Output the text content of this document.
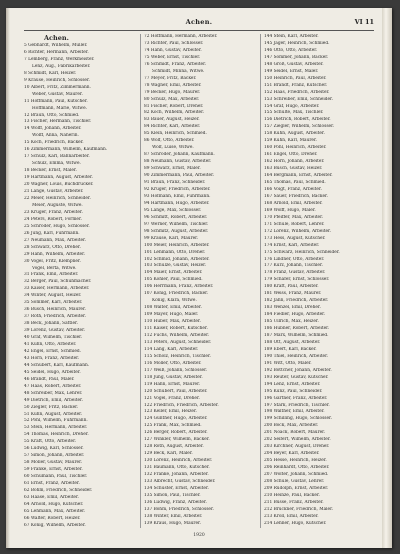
Achen.	VI 11
Achen.
5 Gebhardt, Wilhelm, Müller.
6 Richter, Hermann, Arbeiter.
7 Lemberg, Franz, Werkmeister.
Lenz, Aug., Fabrikarbeiter.
8 Schmidt, Karl, Heizer.
9 Krause, Heinrich, Schlosser.
10 Albert, Fritz, Zimmermann.
Weber, Gustav, Maurer.
11 Hoffmann, Paul, Kutscher.
Hoffmann, Marie, Witwe.
12 Braun, Otto, Schmied.
13 Fischer, Hermann, Tischler.
14 Wolff, Johann, Arbeiter.
Wolff, Anna, Näherin.
15 Koch, Friedrich, Bäcker.
16 Zimmermann, Wilhelm, Kaufmann.
17 Schulz, Karl, Bahnarbeiter.
Schulz, Emma, Witwe.
18 Becker, Ernst, Maler.
19 Hartmann, August, Arbeiter.
20 Wagner, Louis, Buchdrucker.
21 Lange, Gustav, Arbeiter.
22 Meier, Heinrich, Schneider.
Meier, Auguste, Witwe.
23 Krüger, Franz, Arbeiter.
24 Peters, Robert, Former.
25 Schröder, Hugo, Schlosser.
26 Jung, Karl, Fuhrmann.
27 Neumann, Max, Arbeiter.
28 Schwarz, Otto, Dreher.
29 Hahn, Wilhelm, Arbeiter.
30 Vogel, Fritz, Klempner.
Vogel, Berta, Witwe.
31 Frank, Emil, Arbeiter.
32 Berger, Paul, Schuhmacher.
33 Kaiser, Hermann, Arbeiter.
34 Winter, August, Heizer.
35 Sommer, Karl, Arbeiter.
36 Busch, Heinrich, Maurer.
37 Roth, Friedrich, Arbeiter.
38 Beck, Johann, Sattler.
39 Lorenz, Gustav, Arbeiter.
40 Graf, Wilhelm, Tischler.
41 Kühn, Otto, Arbeiter.
42 Engel, Ernst, Schmied.
43 Horn, Franz, Arbeiter.
44 Schubert, Karl, Kaufmann.
45 Seidel, Hugo, Arbeiter.
46 Brandt, Paul, Maler.
47 Haas, Robert, Arbeiter.
48 Schreiber, Max, Lehrer.
49 Dietrich, Emil, Arbeiter.
50 Ziegler, Fritz, Bäcker.
51 Kuhn, August, Arbeiter.
52 Pohl, Wilhelm, Fuhrmann.
53 Stein, Hermann, Arbeiter.
54 Thomas, Heinrich, Dreher.
55 Kraft, Otto, Arbeiter.
56 Ludwig, Karl, Schlosser.
57 Simon, Johann, Arbeiter.
58 Möller, Gustav, Maurer.
59 Franke, Ernst, Arbeiter.
60 Schumann, Paul, Tischler.
61 Ernst, Franz, Arbeiter.
62 Böhm, Friedrich, Schneider.
63 Haase, Emil, Arbeiter.
64 Arnold, Hugo, Kutscher.
65 Lehmann, Max, Arbeiter.
66 Walter, Robert, Heizer.
67 König, Wilhelm, Arbeiter.
72 Hoffmann, Hermann, Arbeiter.
73 Richter, Paul, Schlosser.
74 Hahn, Gustav, Arbeiter.
75 Weber, Ernst, Tischler.
76 Schmidt, Franz, Arbeiter.
Schmidt, Minna, Witwe.
77 Meyer, Fritz, Bäcker.
78 Wagner, Emil, Arbeiter.
79 Becker, Hugo, Maurer.
80 Schulz, Max, Arbeiter.
81 Fischer, Robert, Dreher.
82 Koch, Wilhelm, Arbeiter.
83 Bauer, August, Heizer.
84 Richter, Karl, Arbeiter.
85 Klein, Heinrich, Schmied.
86 Wolf, Otto, Arbeiter.
Wolf, Luise, Witwe.
87 Schröder, Johann, Kaufmann.
88 Neumann, Gustav, Arbeiter.
89 Schwarz, Ernst, Maler.
90 Zimmermann, Paul, Arbeiter.
91 Braun, Franz, Schneider.
92 Krüger, Friedrich, Arbeiter.
93 Hofmann, Emil, Fuhrmann.
94 Hartmann, Hugo, Arbeiter.
95 Lange, Max, Schlosser.
96 Schmitt, Robert, Arbeiter.
97 Werner, Wilhelm, Tischler.
98 Schmitz, August, Arbeiter.
99 Krause, Karl, Maurer.
100 Meier, Heinrich, Arbeiter.
101 Lehmann, Otto, Dreher.
102 Schmid, Johann, Arbeiter.
103 Schulze, Gustav, Heizer.
104 Maier, Ernst, Arbeiter.
105 Köhler, Paul, Schmied.
106 Herrmann, Franz, Arbeiter.
107 König, Friedrich, Bäcker.
König, Klara, Witwe.
108 Walter, Emil, Arbeiter.
109 Mayer, Hugo, Maler.
110 Huber, Max, Arbeiter.
111 Kaiser, Robert, Kutscher.
112 Fuchs, Wilhelm, Arbeiter.
113 Peters, August, Schneider.
114 Lang, Karl, Arbeiter.
115 Scholz, Heinrich, Tischler.
116 Möller, Otto, Arbeiter.
117 Weiß, Johann, Schlosser.
118 Jung, Gustav, Arbeiter.
119 Hahn, Ernst, Maurer.
120 Schubert, Paul, Arbeiter.
121 Vogel, Franz, Dreher.
122 Friedrich, Friedrich, Arbeiter.
123 Keller, Emil, Heizer.
124 Günther, Hugo, Arbeiter.
125 Frank, Max, Schmied.
126 Berger, Robert, Arbeiter.
127 Winkler, Wilhelm, Bäcker.
128 Roth, August, Arbeiter.
129 Beck, Karl, Maler.
130 Lorenz, Heinrich, Arbeiter.
131 Baumann, Otto, Kutscher.
132 Franke, Johann, Arbeiter.
133 Albrecht, Gustav, Schneider.
134 Schuster, Ernst, Arbeiter.
135 Simon, Paul, Tischler.
136 Ludwig, Franz, Arbeiter.
137 Böhm, Friedrich, Schlosser.
138 Winter, Emil, Arbeiter.
139 Kraus, Hugo, Maurer.
144 Stein, Karl, Arbeiter.
145 Jäger, Heinrich, Schmied.
146 Otto, Otto, Arbeiter.
147 Sommer, Johann, Bäcker.
148 Groß, Gustav, Arbeiter.
149 Seidel, Ernst, Maler.
150 Heinrich, Paul, Arbeiter.
151 Brandt, Franz, Kutscher.
152 Haas, Friedrich, Arbeiter.
153 Schreiber, Emil, Schneider.
154 Graf, Hugo, Arbeiter.
155 Schulte, Max, Tischler.
156 Dietrich, Robert, Arbeiter.
157 Ziegler, Wilhelm, Schlosser.
158 Kuhn, August, Arbeiter.
159 Kühn, Karl, Maurer.
160 Pohl, Heinrich, Arbeiter.
161 Engel, Otto, Dreher.
162 Horn, Johann, Arbeiter.
163 Busch, Gustav, Heizer.
164 Bergmann, Ernst, Arbeiter.
165 Thomas, Paul, Schmied.
166 Voigt, Franz, Arbeiter.
167 Sauer, Friedrich, Bäcker.
168 Arnold, Emil, Arbeiter.
169 Wolff, Hugo, Maler.
170 Pfeiffer, Max, Arbeiter.
171 Schule, Robert, Lehrer.
172 Lorenz, Wilhelm, Arbeiter.
173 Hess, August, Kutscher.
174 Ernst, Karl, Arbeiter.
175 Schwarz, Heinrich, Schneider.
176 Lindner, Otto, Arbeiter.
177 Kurz, Johann, Tischler.
178 Franz, Gustav, Arbeiter.
179 Schäfer, Ernst, Schlosser.
180 Kraft, Paul, Arbeiter.
181 Weiss, Franz, Maurer.
182 Jahn, Friedrich, Arbeiter.
183 Wenzel, Emil, Dreher.
184 Fiedler, Hugo, Arbeiter.
185 Ullrich, Max, Heizer.
186 Hübner, Robert, Arbeiter.
187 Marx, Wilhelm, Schmied.
188 Ott, August, Arbeiter.
189 Ebert, Karl, Bäcker.
190 Thiel, Heinrich, Arbeiter.
191 Witt, Otto, Maler.
192 Böttcher, Johann, Arbeiter.
193 Reuter, Gustav, Kutscher.
194 Lenz, Ernst, Arbeiter.
195 Kunz, Paul, Schneider.
196 Gärtner, Franz, Arbeiter.
197 Stark, Friedrich, Tischler.
198 Walther, Emil, Arbeiter.
199 Schilling, Hugo, Schlosser.
200 Bock, Max, Arbeiter.
201 Noack, Robert, Maurer.
202 Seifert, Wilhelm, Arbeiter.
203 Kirchner, August, Dreher.
204 Beyer, Karl, Arbeiter.
205 Hesse, Heinrich, Heizer.
206 Reinhardt, Otto, Arbeiter.
207 Wolter, Johann, Schmied.
208 Schule, Gustav, Lehrer.
209 Rudolph, Ernst, Arbeiter.
210 Heinze, Paul, Bäcker.
211 Busse, Franz, Arbeiter.
212 Brückner, Friedrich, Maler.
213 Kroll, Emil, Arbeiter.
214 Lehner, Hugo, Kutscher.
1920
